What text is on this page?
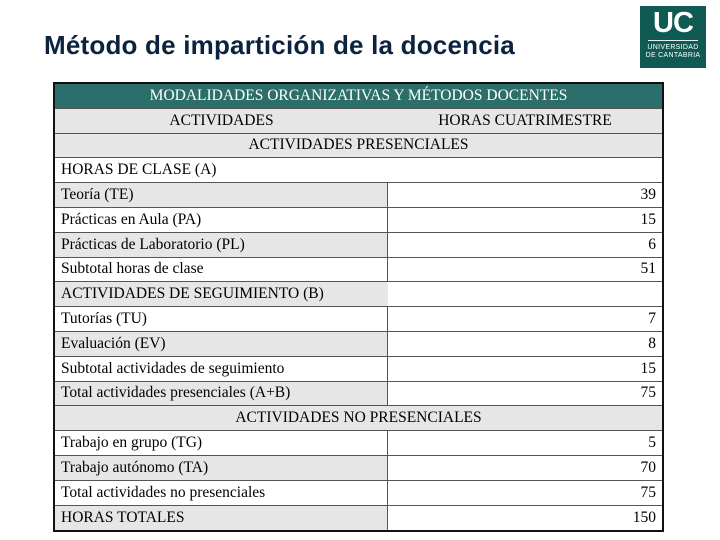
Método de impartición de la docencia
UC
UNIVERSIDAD
DE CANTABRIA
MODALIDADES ORGANIZATIVAS Y MÉTODOS DOCENTES
ACTIVIDADES	HORAS CUATRIMESTRE
ACTIVIDADES PRESENCIALES
HORAS DE CLASE (A)
Teoría (TE)	39
Prácticas en Aula (PA)	15
Prácticas de Laboratorio (PL)	6
Subtotal horas de clase	51
ACTIVIDADES DE SEGUIMIENTO (B)
Tutorías (TU)	7
Evaluación (EV)	8
Subtotal actividades de seguimiento	15
Total actividades presenciales (A+B)	75
ACTIVIDADES NO PRESENCIALES
Trabajo en grupo (TG)	5
Trabajo autónomo (TA)	70
Total actividades no presenciales	75
HORAS TOTALES	150
